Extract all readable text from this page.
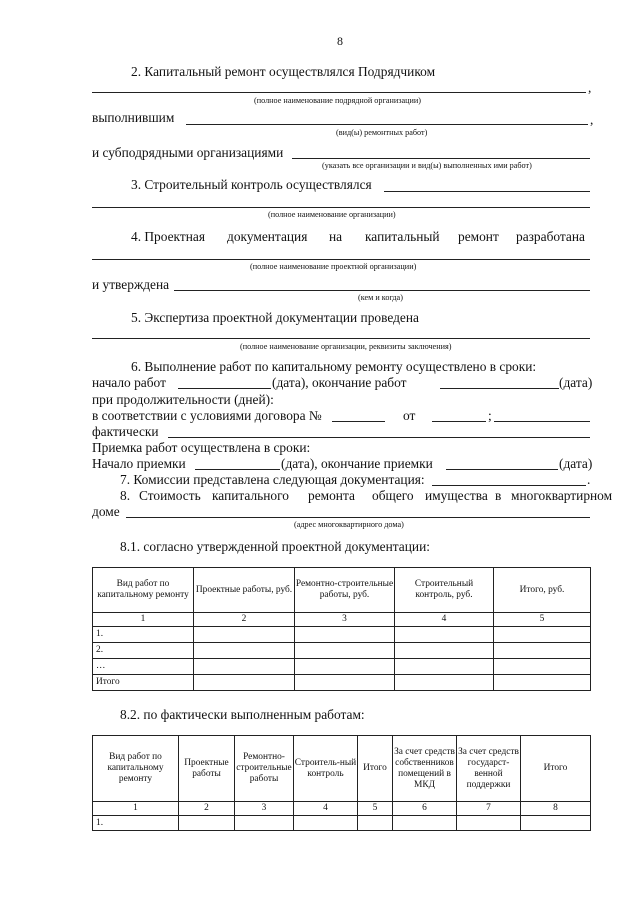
8
2. Капитальный ремонт осуществлялся Подрядчиком
,
(полное наименование подрядной организации)
выполнившим	,
(вид(ы) ремонтных работ)
и субподрядными организациями
(указать все организации и вид(ы) выполненных ими работ)
3. Строительный контроль осуществлялся
(полное наименование организации)
4. Проектная документация на капитальный ремонт разработана
(полное наименование проектной организации)
и утверждена
(кем и когда)
5. Экспертиза проектной документации проведена
(полное наименование организации, реквизиты заключения)
6. Выполнение работ по капитальному ремонту осуществлено в сроки:
начало работ	(дата), окончание работ	(дата)
при продолжительности (дней):
в соответствии с условиями договора №	от	;
фактически
Приемка работ осуществлена в сроки:
Начало приемки	(дата), окончание приемки	(дата)
7. Комиссии представлена следующая документация:	.
8. Стоимость капитального ремонта общего имущества в многоквартирном
доме
(адрес многоквартирного дома)
8.1. согласно утвержденной проектной документации:
Вид работ по капитальному ремонту	Проектные работы, руб.	Ремонтно-строительные работы, руб.	Строительный контроль, руб.	Итого, руб.
1	2	3	4	5
1.				
2.				
…				
Итого				
8.2. по фактически выполненным работам:
Вид работ по капитальному ремонту	Проектные работы	Ремонтно-строительные работы	Строитель-ный контроль	Итого	За счет средств собственников помещений в МКД	За счет средств государст-венной поддержки	Итого
1	2	3	4	5	6	7	8
1.							
